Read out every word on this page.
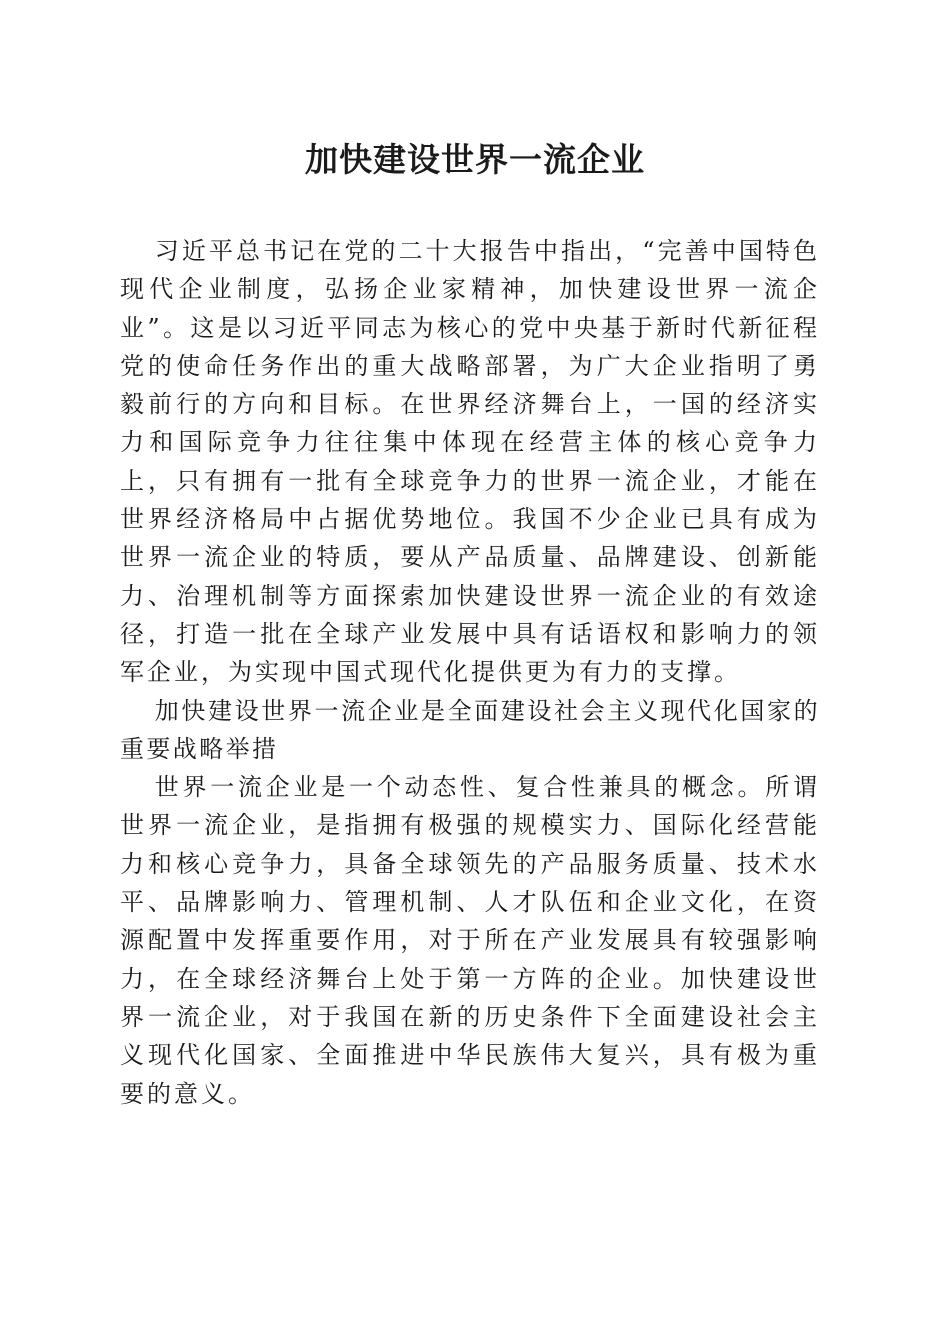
加快建设世界一流企业

习近平总书记在党的二十大报告中指出，“完善中国特色现代企业制度，弘扬企业家精神，加快建设世界一流企业”。这是以习近平同志为核心的党中央基于新时代新征程党的使命任务作出的重大战略部署，为广大企业指明了勇毅前行的方向和目标。在世界经济舞台上，一国的经济实力和国际竞争力往往集中体现在经营主体的核心竞争力上，只有拥有一批有全球竞争力的世界一流企业，才能在世界经济格局中占据优势地位。我国不少企业已具有成为世界一流企业的特质，要从产品质量、品牌建设、创新能力、治理机制等方面探索加快建设世界一流企业的有效途径，打造一批在全球产业发展中具有话语权和影响力的领军企业，为实现中国式现代化提供更为有力的支撑。

加快建设世界一流企业是全面建设社会主义现代化国家的重要战略举措

世界一流企业是一个动态性、复合性兼具的概念。所谓世界一流企业，是指拥有极强的规模实力、国际化经营能力和核心竞争力，具备全球领先的产品服务质量、技术水平、品牌影响力、管理机制、人才队伍和企业文化，在资源配置中发挥重要作用，对于所在产业发展具有较强影响力，在全球经济舞台上处于第一方阵的企业。加快建设世界一流企业，对于我国在新的历史条件下全面建设社会主义现代化国家、全面推进中华民族伟大复兴，具有极为重要的意义。
